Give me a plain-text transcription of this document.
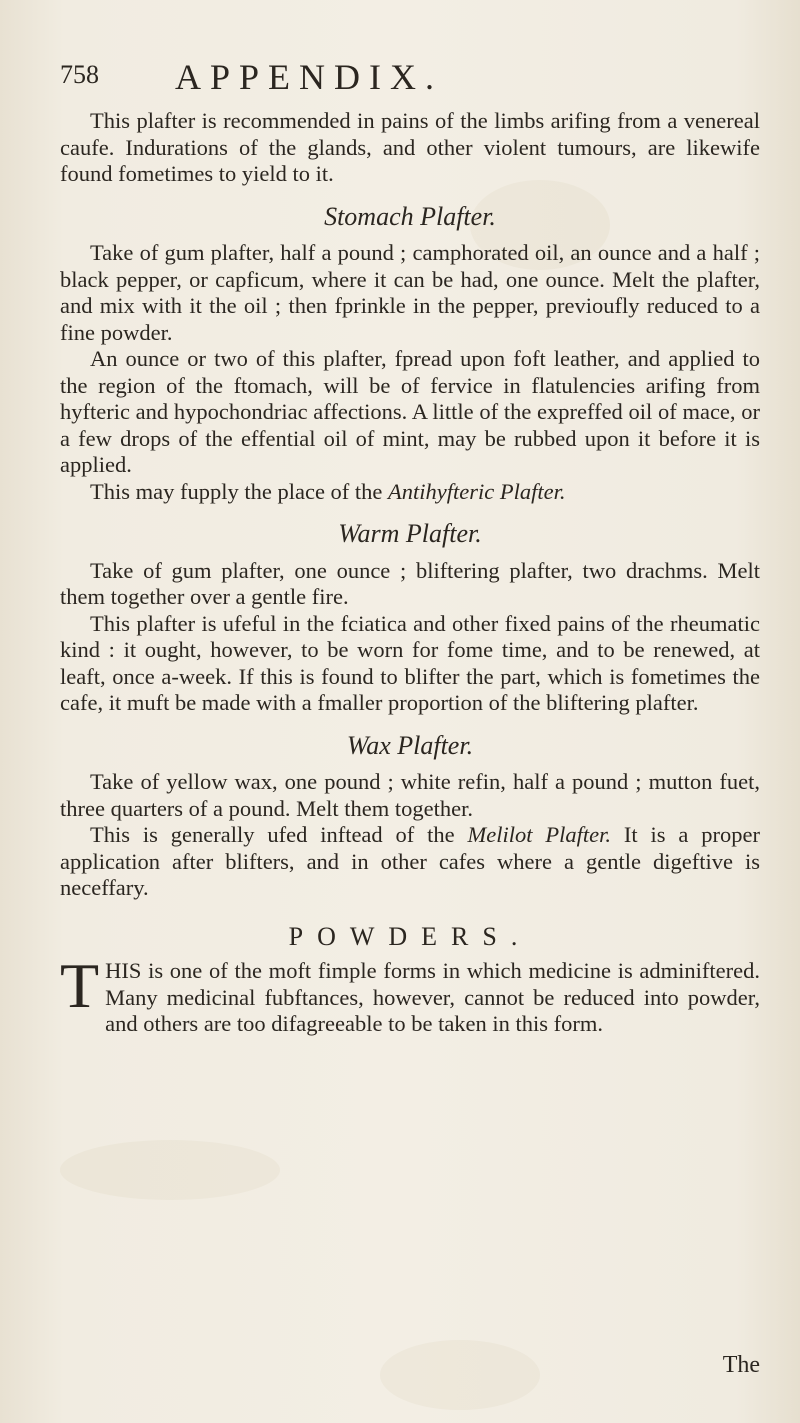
758 APPENDIX.

This plafter is recommended in pains of the limbs arifing from a venereal caufe. Indurations of the glands, and other violent tumours, are likewife found fometimes to yield to it.

Stomach Plafter.

Take of gum plafter, half a pound ; camphorated oil, an ounce and a half ; black pepper, or capficum, where it can be had, one ounce. Melt the plafter, and mix with it the oil ; then fprinkle in the pepper, previoufly reduced to a fine powder.

An ounce or two of this plafter, fpread upon foft leather, and applied to the region of the ftomach, will be of fervice in flatulencies arifing from hyfteric and hypochondriac affections. A little of the expreffed oil of mace, or a few drops of the effential oil of mint, may be rubbed upon it before it is applied.

This may fupply the place of the Antihyfteric Plafter.

Warm Plafter.

Take of gum plafter, one ounce ; bliftering plafter, two drachms. Melt them together over a gentle fire.

This plafter is ufeful in the fciatica and other fixed pains of the rheumatic kind : it ought, however, to be worn for fome time, and to be renewed, at leaft, once a-week. If this is found to blifter the part, which is fometimes the cafe, it muft be made with a fmaller proportion of the bliftering plafter.

Wax Plafter.

Take of yellow wax, one pound ; white refin, half a pound ; mutton fuet, three quarters of a pound. Melt them together.

This is generally ufed inftead of the Melilot Plafter. It is a proper application after blifters, and in other cafes where a gentle digeftive is neceffary.

POWDERS.

THIS is one of the moft fimple forms in which medicine is adminiftered. Many medicinal fubftances, however, cannot be reduced into powder, and others are too difagreeable to be taken in this form.

The
